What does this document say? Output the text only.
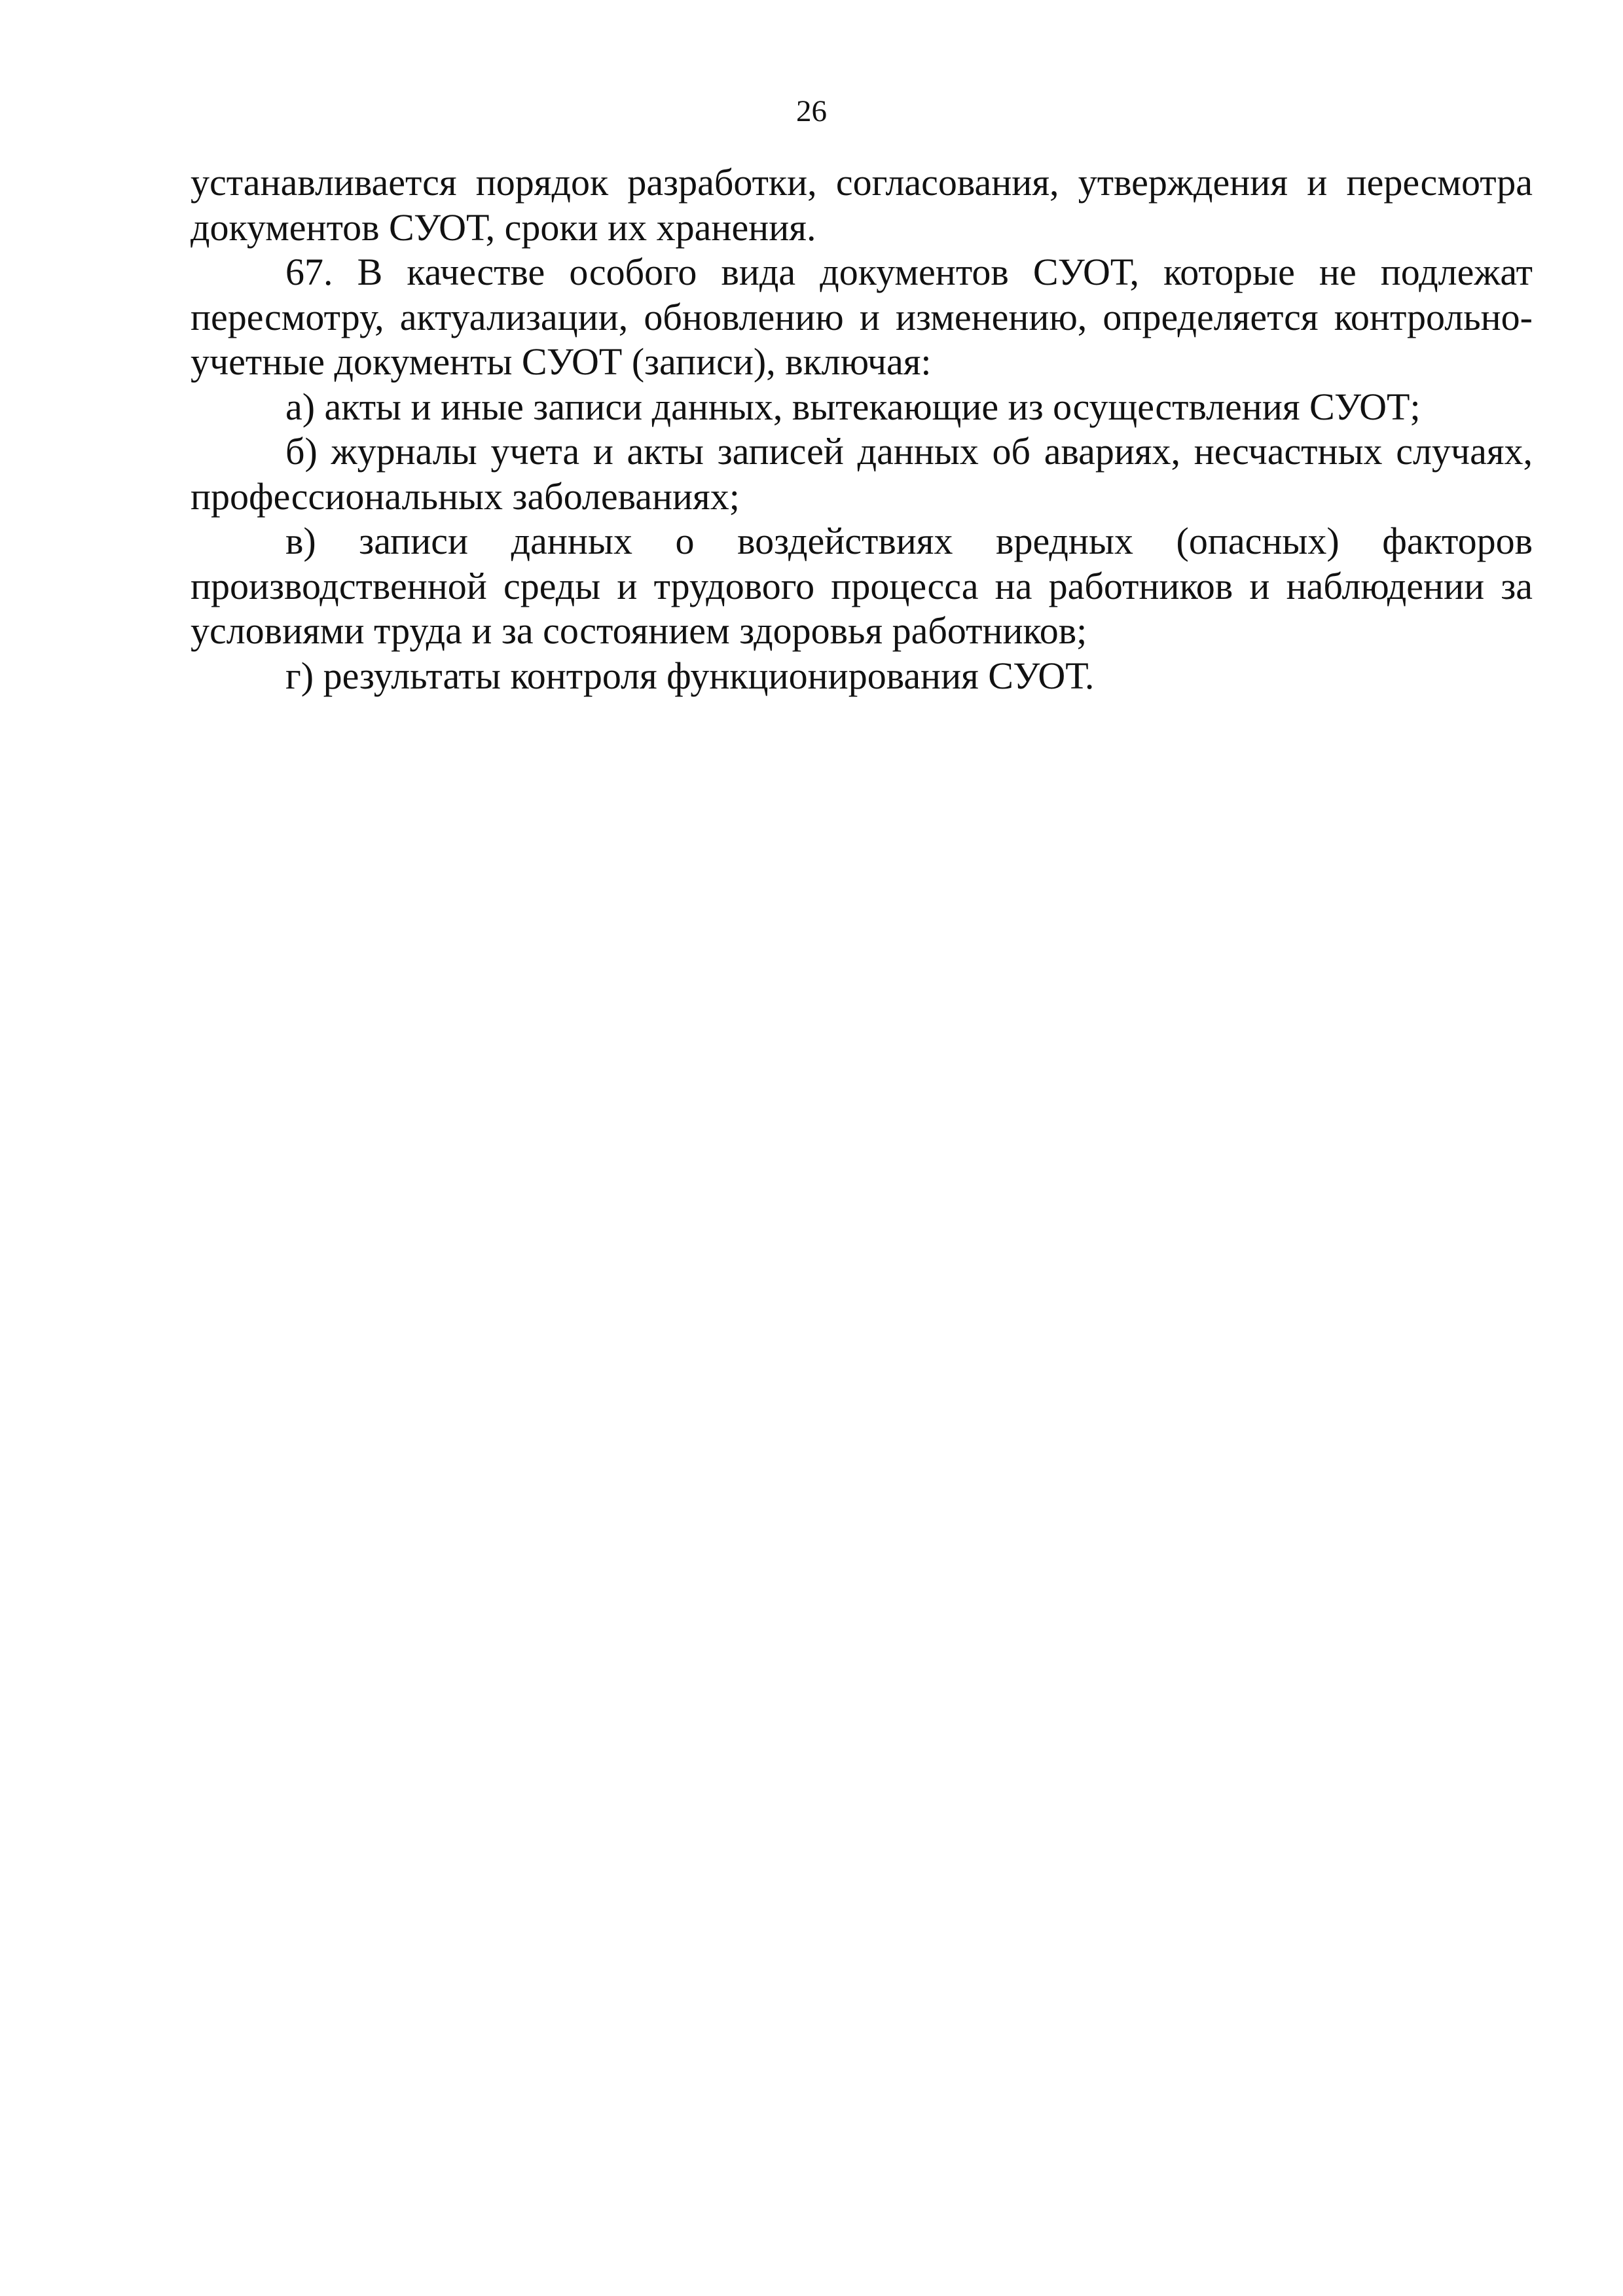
26

устанавливается порядок разработки, согласования, утверждения и пересмотра документов СУОТ, сроки их хранения.

67. В качестве особого вида документов СУОТ, которые не подлежат пересмотру, актуализации, обновлению и изменению, определяется контрольно-учетные документы СУОТ (записи), включая:

а) акты и иные записи данных, вытекающие из осуществления СУОТ;

б) журналы учета и акты записей данных об авариях, несчастных случаях, профессиональных заболеваниях;

в) записи данных о воздействиях вредных (опасных) факторов производственной среды и трудового процесса на работников и наблюдении за условиями труда и за состоянием здоровья работников;

г) результаты контроля функционирования СУОТ.
